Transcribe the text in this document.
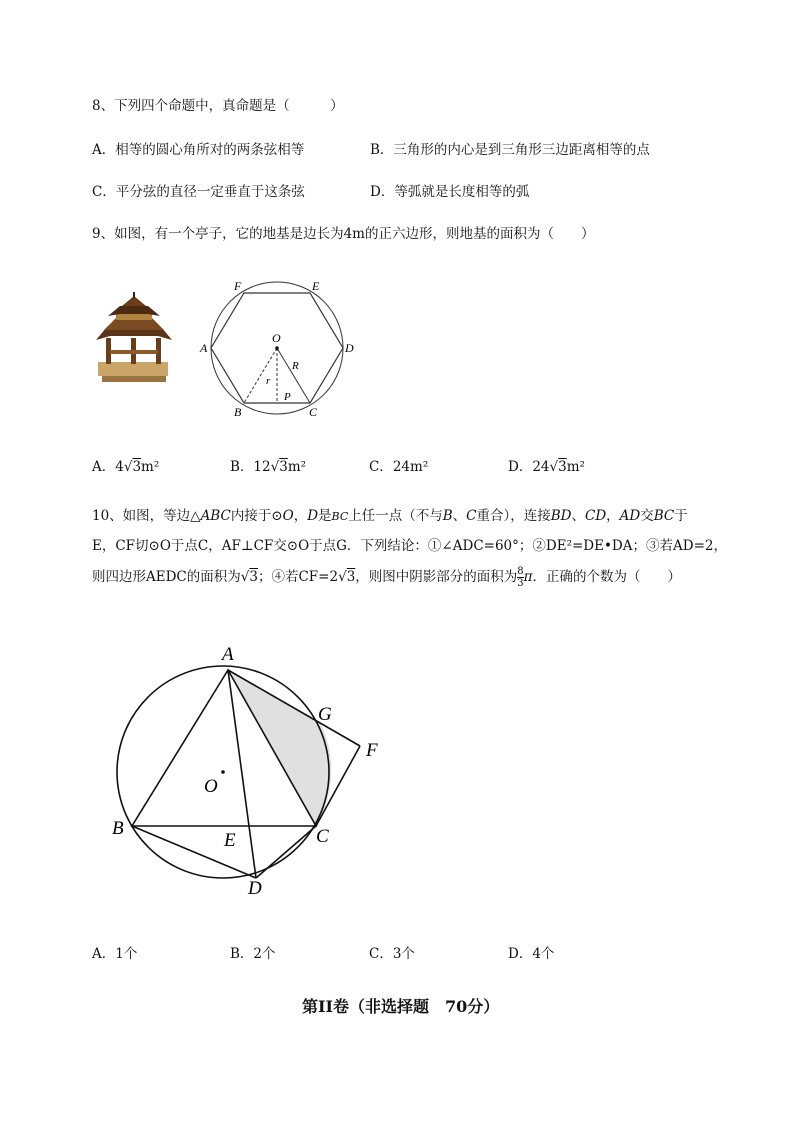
8、下列四个命题中，真命题是（　　　）
A．相等的圆心角所对的两条弦相等	B．三角形的内心是到三角形三边距离相等的点
C．平分弦的直径一定垂直于这条弦	D．等弧就是长度相等的弧
9、如图，有一个亭子，它的地基是边长为4m的正六边形，则地基的面积为（　　）
F	E
A	D
B	C
O
r
R
P
A．4√3m²	B．12√3m²	C．24m²	D．24√3m²
10、如图，等边△ABC内接于⊙O，D是BC上任一点（不与B、C重合），连接BD、CD，AD交BC于
E，CF切⊙O于点C，AF⊥CF交⊙O于点G．下列结论：①∠ADC=60°；②DE²=DE•DA；③若AD=2，
则四边形AEDC的面积为√3；④若CF=2√3，则图中阴影部分的面积为 $\frac{8}{3}$ π．正确的个数为（　　）
A
B	C
D
E
F
G
O
A．1个	B．2个	C．3个	D．4个
第II卷（非选择题　70分）
